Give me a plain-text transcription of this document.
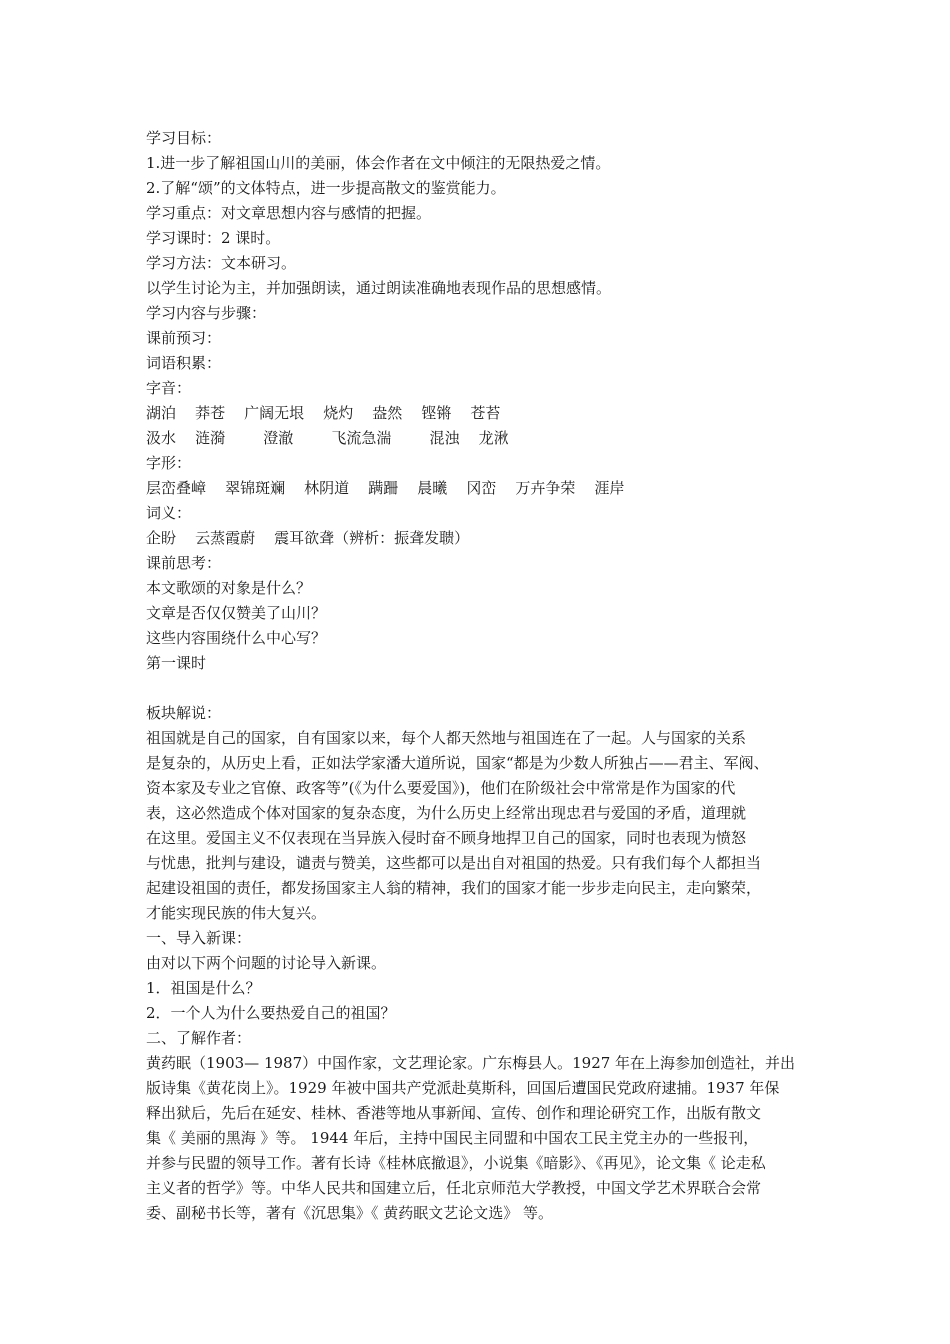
学习目标：
1.进一步了解祖国山川的美丽，体会作者在文中倾注的无限热爱之情。
2.了解“颂”的文体特点，进一步提高散文的鉴赏能力。
学习重点：对文章思想内容与感情的把握。
学习课时：2 课时。
学习方法：文本研习。
以学生讨论为主，并加强朗读，通过朗读准确地表现作品的思想感情。
学习内容与步骤：
课前预习：
词语积累：
字音：
湖泊    莽苍    广阔无垠    烧灼    盎然    铿锵    苍苔
汲水    涟漪        澄澈        飞流急湍        混浊    龙湫
字形：
层峦叠嶂    翠锦斑斓    林阴道    蹒跚    晨曦    冈峦    万卉争荣    涯岸
词义：
企盼    云蒸霞蔚    震耳欲聋（辨析：振聋发聩）
课前思考：
本文歌颂的对象是什么？
文章是否仅仅赞美了山川？
这些内容围绕什么中心写？
第一课时
板块解说：
祖国就是自己的国家，自有国家以来，每个人都天然地与祖国连在了一起。人与国家的关系
是复杂的，从历史上看，正如法学家潘大道所说，国家“都是为少数人所独占——君主、军阀、
资本家及专业之官僚、政客等”(《为什么要爱国》)，他们在阶级社会中常常是作为国家的代
表，这必然造成个体对国家的复杂态度，为什么历史上经常出现忠君与爱国的矛盾，道理就
在这里。爱国主义不仅表现在当异族入侵时奋不顾身地捍卫自己的国家，同时也表现为愤怒
与忧患，批判与建设，谴责与赞美，这些都可以是出自对祖国的热爱。只有我们每个人都担当
起建设祖国的责任，都发扬国家主人翁的精神，我们的国家才能一步步走向民主，走向繁荣，
才能实现民族的伟大复兴。
一、导入新课：
由对以下两个问题的讨论导入新课。
1．祖国是什么？
2．一个人为什么要热爱自己的祖国？
二、了解作者：
黄药眠（1903— 1987）中国作家，文艺理论家。广东梅县人。1927 年在上海参加创造社，并出
版诗集《黄花岗上》。1929 年被中国共产党派赴莫斯科，回国后遭国民党政府逮捕。1937 年保
释出狱后，先后在延安、桂林、香港等地从事新闻、宣传、创作和理论研究工作，出版有散文
集《 美丽的黑海 》等。 1944 年后，主持中国民主同盟和中国农工民主党主办的一些报刊，
并参与民盟的领导工作。著有长诗《桂林底撤退》，小说集《暗影》、《再见》，论文集《 论走私
主义者的哲学》等。中华人民共和国建立后，任北京师范大学教授，中国文学艺术界联合会常
委、副秘书长等，著有《沉思集》《 黄药眠文艺论文选》 等。
